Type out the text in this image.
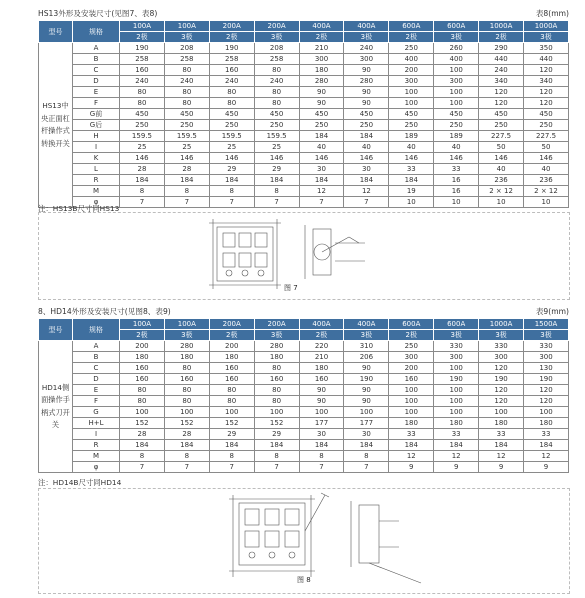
HS13外形及安装尺寸(见图7、表8)	表8(mm)
型号	规格	100A	100A	200A	200A	400A	400A	600A	600A	1000A	1000A
		2极	3极	2极	3极	2极	3极	2极	3极	2极	3极
HS13中央正面杠杆操作式转换开关	A	190	208	190	208	210	240	250	260	290	350
	B	258	258	258	258	300	300	400	400	440	440
	C	160	80	160	80	180	90	200	100	240	120
	D	240	240	240	240	280	280	300	300	340	340
	E	80	80	80	80	90	90	100	100	120	120
	F	80	80	80	80	90	90	100	100	120	120
	G前	450	450	450	450	450	450	450	450	450	450
	G后	250	250	250	250	250	250	250	250	250	250
	H	159.5	159.5	159.5	159.5	184	184	189	189	227.5	227.5
	I	25	25	25	25	40	40	40	40	50	50
	K	146	146	146	146	146	146	146	146	146	146
	L	28	28	29	29	30	30	33	33	40	40
	R	184	184	184	184	184	184	184	16	236	236
	M	8	8	8	8	12	12	19	16	2 × 12	2 × 12
	φ	7	7	7	7	7	7	10	10	10	10
注：HS13B尺寸同HS13
图 7
8、HD14外形及安装尺寸(见图8、表9)	表9(mm)
型号	规格	100A	100A	200A	200A	400A	400A	600A	600A	1000A	1500A
		2极	3极	2极	3极	2极	3极	2极	3极	3极	3极
HD14侧面操作手柄式刀开关	A	200	280	200	280	220	310	250	330	330	330
	B	180	180	180	180	210	206	300	300	300	300
	C	160	80	160	80	180	90	200	100	120	130
	D	160	160	160	160	160	190	160	190	190	190
	E	80	80	80	80	90	90	100	100	120	120
	F	80	80	80	80	90	90	100	100	120	120
	G	100	100	100	100	100	100	100	100	100	100
	H+L	152	152	152	152	177	177	180	180	180	180
	I	28	28	29	29	30	30	33	33	33	33
	R	184	184	184	184	184	184	184	184	184	184
	M	8	8	8	8	8	8	12	12	12	12
	φ	7	7	7	7	7	7	9	9	9	9
注：HD14B尺寸同HD14
图 8
